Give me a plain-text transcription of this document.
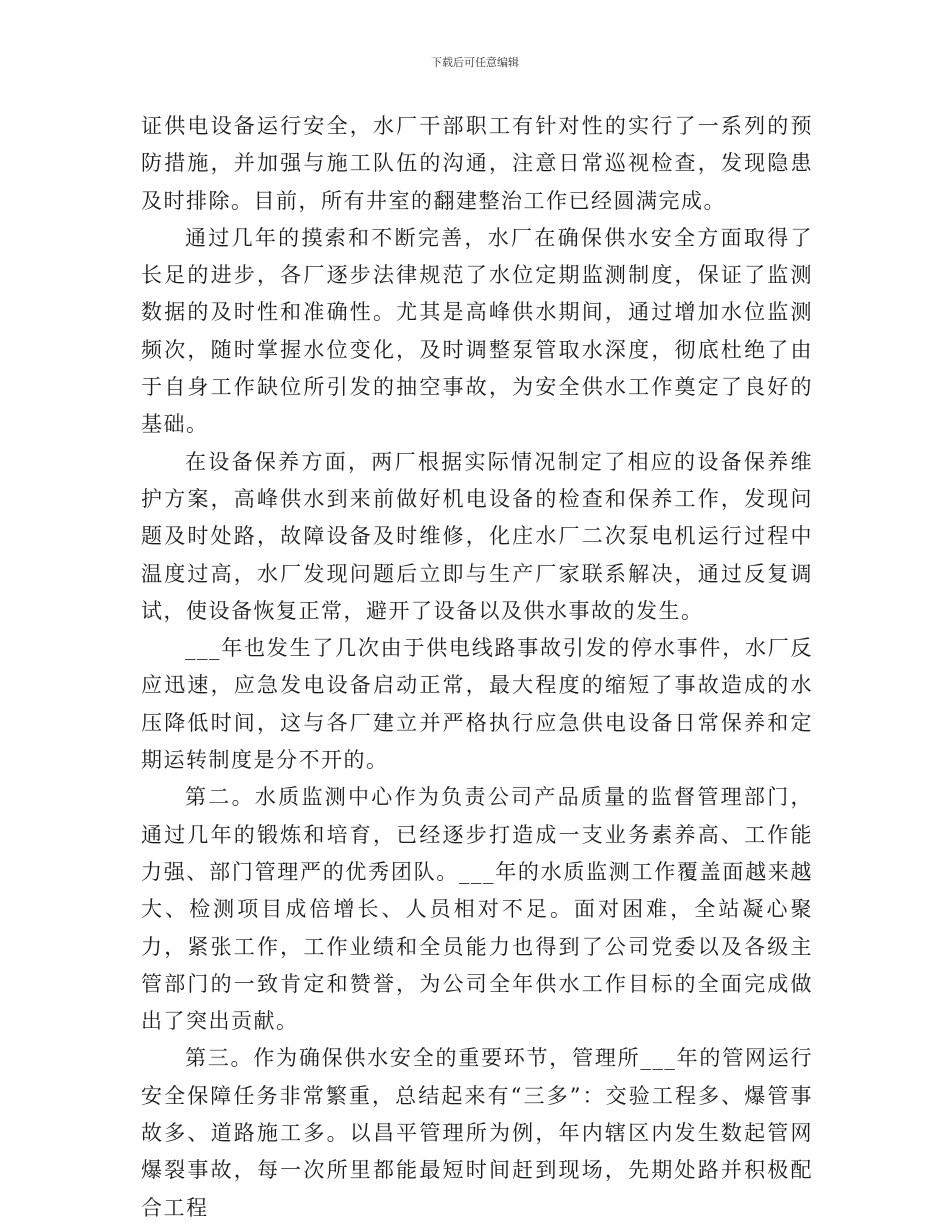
下载后可任意编辑

证供电设备运行安全，水厂干部职工有针对性的实行了一系列的预防措施，并加强与施工队伍的沟通，注意日常巡视检查，发现隐患及时排除。目前，所有井室的翻建整治工作已经圆满完成。

通过几年的摸索和不断完善，水厂在确保供水安全方面取得了长足的进步，各厂逐步法律规范了水位定期监测制度，保证了监测数据的及时性和准确性。尤其是高峰供水期间，通过增加水位监测频次，随时掌握水位变化，及时调整泵管取水深度，彻底杜绝了由于自身工作缺位所引发的抽空事故，为安全供水工作奠定了良好的基础。

在设备保养方面，两厂根据实际情况制定了相应的设备保养维护方案，高峰供水到来前做好机电设备的检查和保养工作，发现问题及时处路，故障设备及时维修，化庄水厂二次泵电机运行过程中温度过高，水厂发现问题后立即与生产厂家联系解决，通过反复调试，使设备恢复正常，避开了设备以及供水事故的发生。

___年也发生了几次由于供电线路事故引发的停水事件，水厂反应迅速，应急发电设备启动正常，最大程度的缩短了事故造成的水压降低时间，这与各厂建立并严格执行应急供电设备日常保养和定期运转制度是分不开的。

第二。水质监测中心作为负责公司产品质量的监督管理部门，通过几年的锻炼和培育，已经逐步打造成一支业务素养高、工作能力强、部门管理严的优秀团队。___年的水质监测工作覆盖面越来越大、检测项目成倍增长、人员相对不足。面对困难，全站凝心聚力，紧张工作，工作业绩和全员能力也得到了公司党委以及各级主管部门的一致肯定和赞誉，为公司全年供水工作目标的全面完成做出了突出贡献。

第三。作为确保供水安全的重要环节，管理所___年的管网运行安全保障任务非常繁重，总结起来有“三多”：交验工程多、爆管事故多、道路施工多。以昌平管理所为例，年内辖区内发生数起管网爆裂事故，每一次所里都能最短时间赶到现场，先期处路并积极配合工程
